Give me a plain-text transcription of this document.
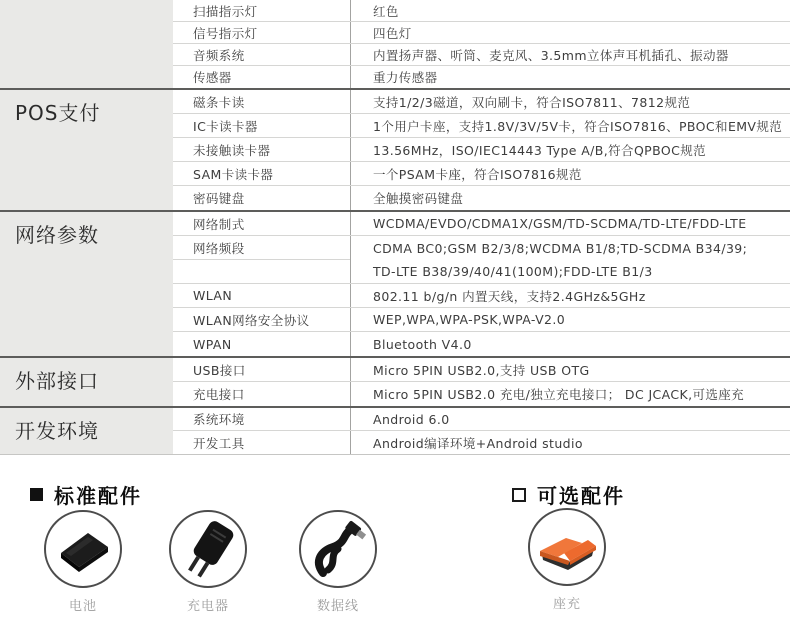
扫描指示灯	红色
信号指示灯	四色灯
音频系统	内置扬声器、听筒、麦克风、3.5mm立体声耳机插孔、振动器
传感器	重力传感器
POS支付	磁条卡读	支持1/2/3磁道，双向刷卡，符合ISO7811、7812规范
IC卡读卡器	1个用户卡座，支持1.8V/3V/5V卡，符合ISO7816、PBOC和EMV规范
未接触读卡器	13.56MHz，ISO/IEC14443 Type A/B,符合QPBOC规范
SAM卡读卡器	一个PSAM卡座，符合ISO7816规范
密码键盘	全触摸密码键盘
网络参数	网络制式	WCDMA/EVDO/CDMA1X/GSM/TD-SCDMA/TD-LTE/FDD-LTE
网络频段	CDMA BC0;GSM B2/3/8;WCDMA B1/8;TD-SCDMA B34/39;
TD-LTE B38/39/40/41(100M);FDD-LTE B1/3
WLAN	802.11 b/g/n 内置天线，支持2.4GHz&5GHz
WLAN网络安全协议	WEP,WPA,WPA-PSK,WPA-V2.0
WPAN	Bluetooth V4.0
外部接口	USB接口	Micro 5PIN USB2.0,支持 USB OTG
充电接口	Micro 5PIN USB2.0 充电/独立充电接口； DC JCACK,可选座充
开发环境	系统环境	Android 6.0
开发工具	Android编译环境+Android studio
标准配件	可选配件
电池	充电器	数据线	座充
